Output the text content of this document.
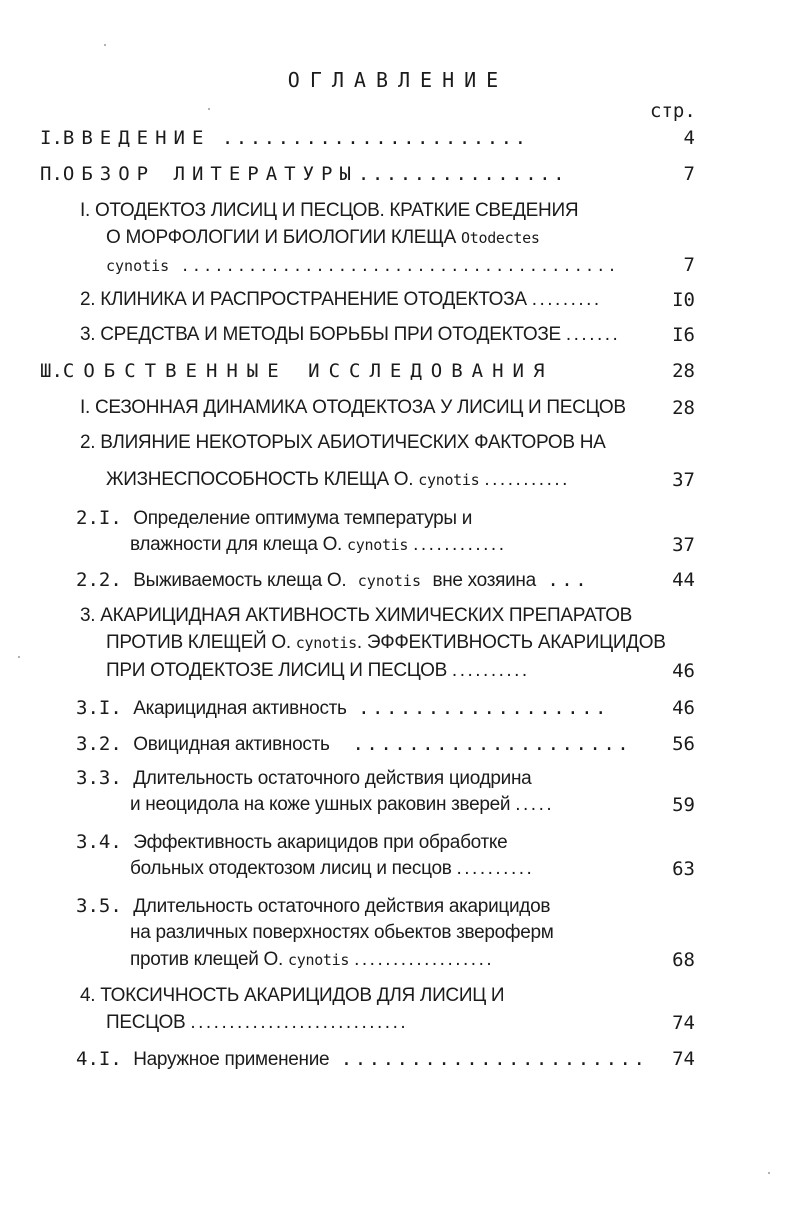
ОГЛАВЛЕНИЕ
стр.
I.ВВЕДЕНИЕ ......................	4
П.ОБЗОР ЛИТЕРАТУРЫ...............	7
I. ОТОДЕКТОЗ ЛИСИЦ И ПЕСЦОВ. КРАТКИЕ СВЕДЕНИЯ
О МОРФОЛОГИИ И БИОЛОГИИ КЛЕЩА Otodectes
cynotis .......................................	7
2. КЛИНИКА И РАСПРОСТРАНЕНИЕ ОТОДЕКТОЗА .........	I0
3. СРЕДСТВА И МЕТОДЫ БОРЬБЫ ПРИ ОТОДЕКТОЗЕ .......	I6
Ш.СОБСТВЕННЫЕ ИССЛЕДОВАНИЯ	28
I. СЕЗОННАЯ ДИНАМИКА ОТОДЕКТОЗА У ЛИСИЦ И ПЕСЦОВ	28
2. ВЛИЯНИЕ НЕКОТОРЫХ АБИОТИЧЕСКИХ ФАКТОРОВ НА
ЖИЗНЕСПОСОБНОСТЬ КЛЕЩА О. cynotis ...........	37
2.I. Определение оптимума температуры и
влажности для клеща О. cynotis ............	37
2.2. Выживаемость клеща О. cynotis вне хозяина ...	44
3. АКАРИЦИДНАЯ АКТИВНОСТЬ ХИМИЧЕСКИХ ПРЕПАРАТОВ
ПРОТИВ КЛЕЩЕЙ О. cynotis. ЭФФЕКТИВНОСТЬ АКАРИЦИДОВ
ПРИ ОТОДЕКТОЗЕ ЛИСИЦ И ПЕСЦОВ ..........	46
3.I. Акарицидная активность ..................	46
3.2. Овицидная активность ....................	56
3.3. Длительность остаточного действия циодрина
и неоцидола на коже ушных раковин зверей .....	59
3.4. Эффективность акарицидов при обработке
больных отодектозом лисиц и песцов ..........	63
3.5. Длительность остаточного действия акарицидов
на различных поверхностях обьектов звероферм
против клещей О. cynotis ..................	68
4. ТОКСИЧНОСТЬ АКАРИЦИДОВ ДЛЯ ЛИСИЦ И
ПЕСЦОВ ............................	74
4.I. Наружное применение ......................	74
